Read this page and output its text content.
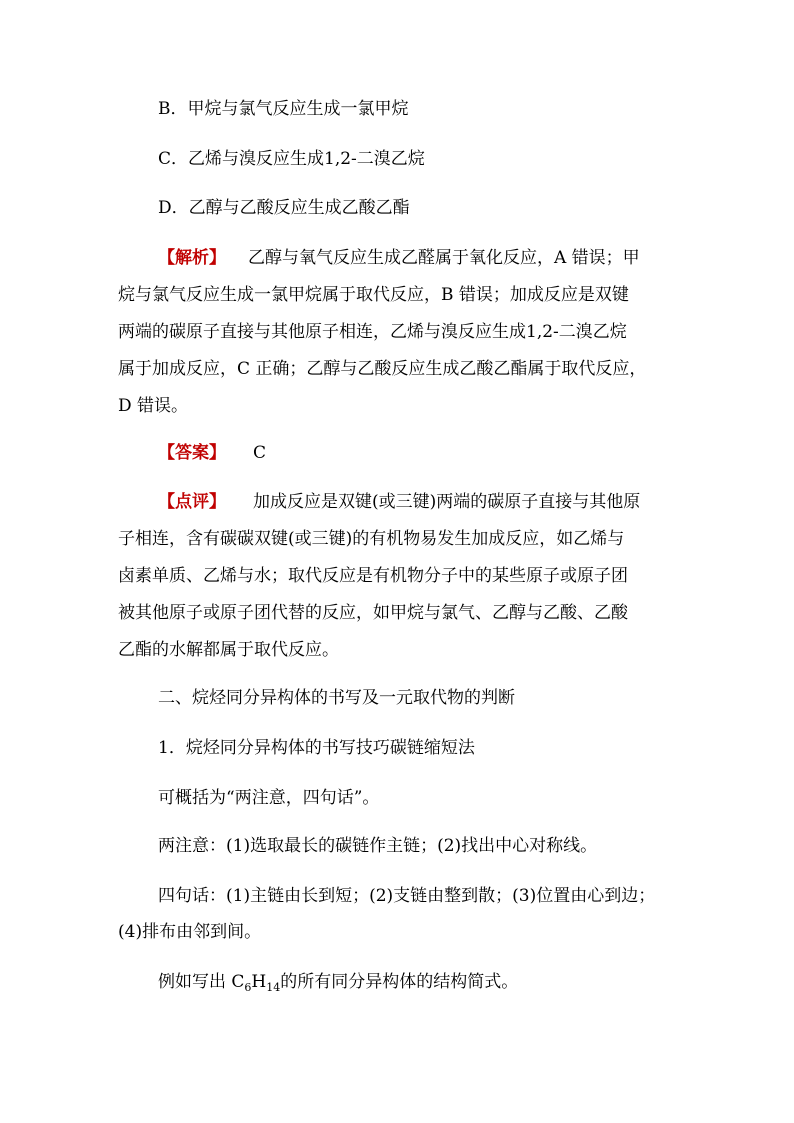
B．甲烷与氯气反应生成一氯甲烷
C．乙烯与溴反应生成1,2-二溴乙烷
D．乙醇与乙酸反应生成乙酸乙酯
【解析】 乙醇与氧气反应生成乙醛属于氧化反应，A 错误；甲
烷与氯气反应生成一氯甲烷属于取代反应，B 错误；加成反应是双键
两端的碳原子直接与其他原子相连，乙烯与溴反应生成1,2-二溴乙烷
属于加成反应，C 正确；乙醇与乙酸反应生成乙酸乙酯属于取代反应，
D 错误。
【答案】 C
【点评】 加成反应是双键(或三键)两端的碳原子直接与其他原
子相连，含有碳碳双键(或三键)的有机物易发生加成反应，如乙烯与
卤素单质、乙烯与水；取代反应是有机物分子中的某些原子或原子团
被其他原子或原子团代替的反应，如甲烷与氯气、乙醇与乙酸、乙酸
乙酯的水解都属于取代反应。
二、烷烃同分异构体的书写及一元取代物的判断
1．烷烃同分异构体的书写技巧碳链缩短法
可概括为“两注意，四句话”。
两注意：(1)选取最长的碳链作主链；(2)找出中心对称线。
四句话：(1)主链由长到短；(2)支链由整到散；(3)位置由心到边；
(4)排布由邻到间。
例如写出 $C_6H_{14}$的所有同分异构体的结构简式。
